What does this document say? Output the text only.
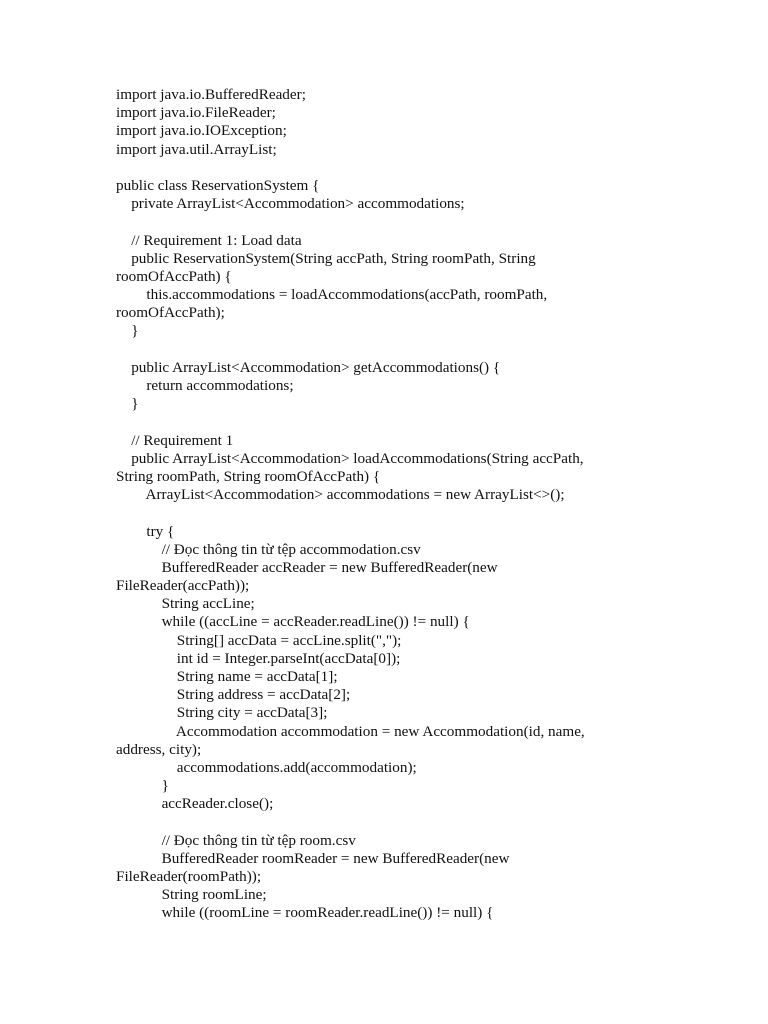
import java.io.BufferedReader;
import java.io.FileReader;
import java.io.IOException;
import java.util.ArrayList;
public class ReservationSystem {
private ArrayList<Accommodation> accommodations;
// Requirement 1: Load data
public ReservationSystem(String accPath, String roomPath, String
roomOfAccPath) {
this.accommodations = loadAccommodations(accPath, roomPath,
roomOfAccPath);
}
public ArrayList<Accommodation> getAccommodations() {
return accommodations;
}
// Requirement 1
public ArrayList<Accommodation> loadAccommodations(String accPath,
String roomPath, String roomOfAccPath) {
ArrayList<Accommodation> accommodations = new ArrayList<>();
try {
// Đọc thông tin từ tệp accommodation.csv
BufferedReader accReader = new BufferedReader(new
FileReader(accPath));
String accLine;
while ((accLine = accReader.readLine()) != null) {
String[] accData = accLine.split(",");
int id = Integer.parseInt(accData[0]);
String name = accData[1];
String address = accData[2];
String city = accData[3];
Accommodation accommodation = new Accommodation(id, name,
address, city);
accommodations.add(accommodation);
}
accReader.close();
// Đọc thông tin từ tệp room.csv
BufferedReader roomReader = new BufferedReader(new
FileReader(roomPath));
String roomLine;
while ((roomLine = roomReader.readLine()) != null) {
